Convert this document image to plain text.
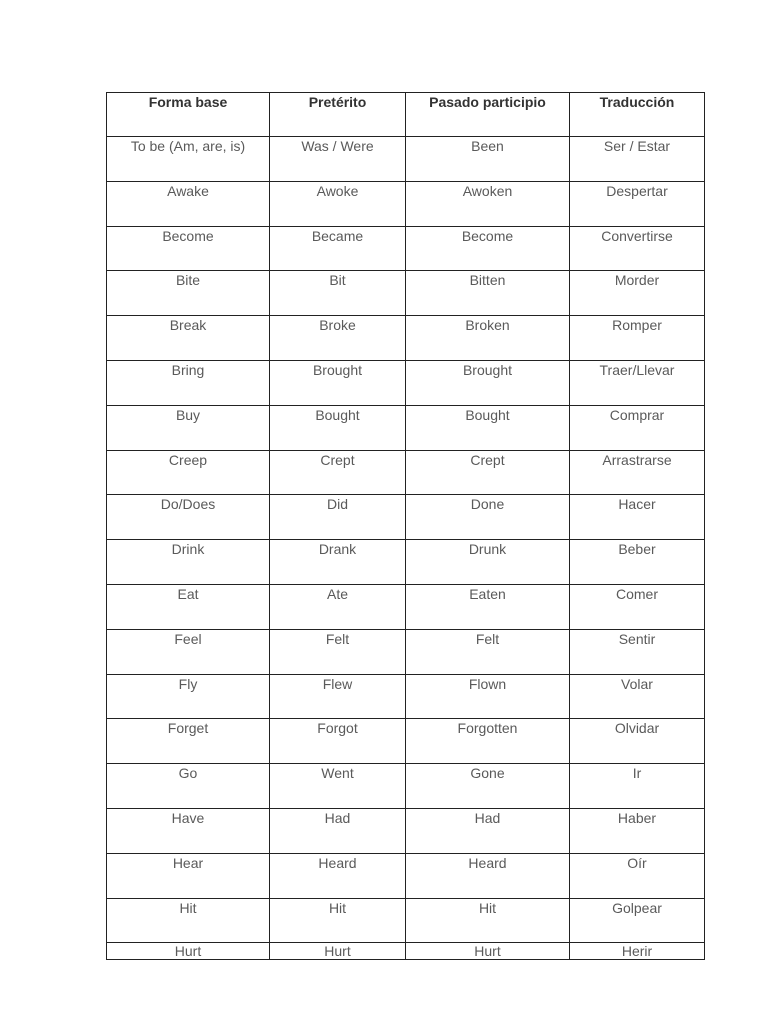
Forma base	Pretérito	Pasado participio	Traducción
To be (Am, are, is)	Was / Were	Been	Ser / Estar
Awake	Awoke	Awoken	Despertar
Become	Became	Become	Convertirse
Bite	Bit	Bitten	Morder
Break	Broke	Broken	Romper
Bring	Brought	Brought	Traer/Llevar
Buy	Bought	Bought	Comprar
Creep	Crept	Crept	Arrastrarse
Do/Does	Did	Done	Hacer
Drink	Drank	Drunk	Beber
Eat	Ate	Eaten	Comer
Feel	Felt	Felt	Sentir
Fly	Flew	Flown	Volar
Forget	Forgot	Forgotten	Olvidar
Go	Went	Gone	Ir
Have	Had	Had	Haber
Hear	Heard	Heard	Oír
Hit	Hit	Hit	Golpear
Hurt	Hurt	Hurt	Herir
